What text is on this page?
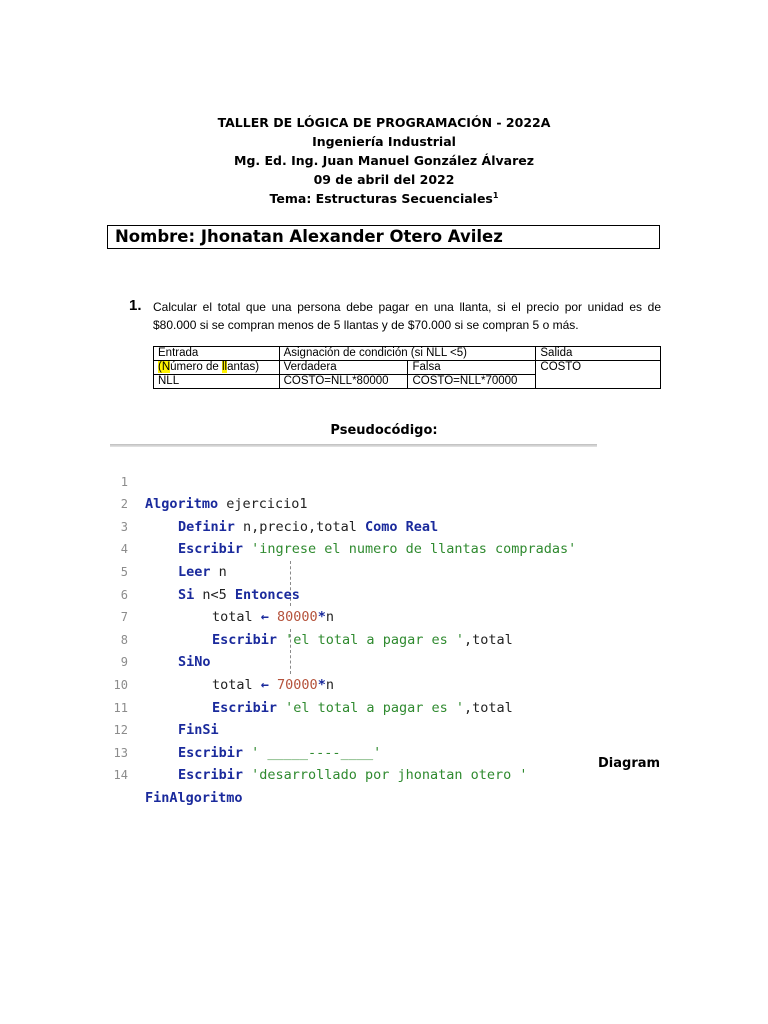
TALLER DE LÓGICA DE PROGRAMACIÓN - 2022A
Ingeniería Industrial
Mg. Ed. Ing. Juan Manuel González Álvarez
09 de abril del 2022
Tema: Estructuras Secuenciales$^1$
Nombre: Jhonatan Alexander Otero Avilez
1. Calcular el total que una persona debe pagar en una llanta, si el precio por unidad es de $80.000 si se compran menos de 5 llantas y de $70.000 si se compran 5 o más.
Entrada	Asignación de condición (si NLL <5)		Salida
(Número de llantas)	Verdadera	Falsa	COSTO
NLL	COSTO=NLL*80000	COSTO=NLL*70000	
Pseudocódigo:

1

Algoritmo ejercicio1

2

Definir n,precio,total Como Real

3

Escribir 'ingrese el numero de llantas compradas'

4

Leer n

5

Si n<5 Entonces

6

total ← 80000*n

7

Escribir 'el total a pagar es ',total

8

SiNo

9

total ← 70000*n

10

Escribir 'el total a pagar es ',total

11

FinSi

12

Escribir ' _____----____'

13

Escribir 'desarrollado por jhonatan otero '

14

FinAlgoritmo

Diagram
